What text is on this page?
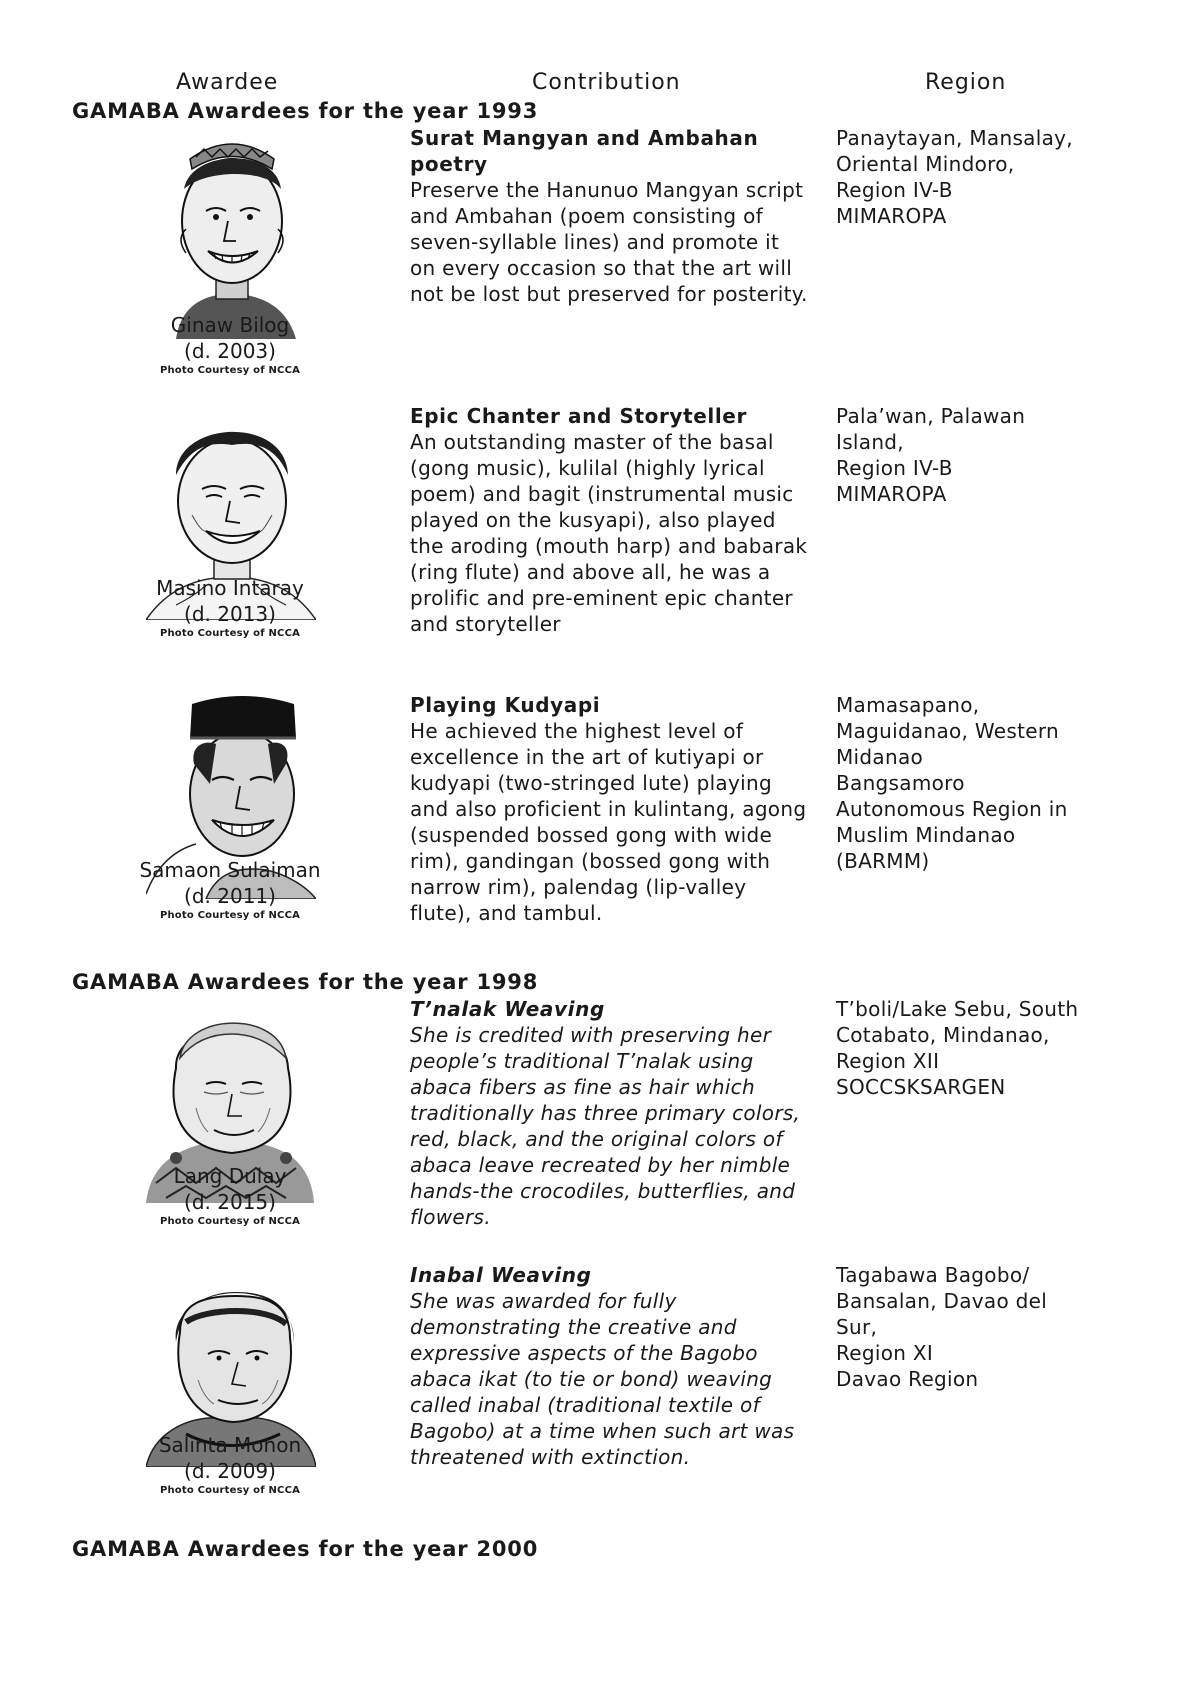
Awardee	Contribution	Region
GAMABA Awardees for the year 1993
Ginaw Bilog
(d. 2003)
Photo Courtesy of NCCA
Surat Mangyan and Ambahan poetry
Preserve the Hanunuo Mangyan script and Ambahan (poem consisting of seven-syllable lines) and promote it on every occasion so that the art will not be lost but preserved for posterity.
Panaytayan, Mansalay,
Oriental Mindoro,
Region IV-B
MIMAROPA
Masino Intaray
(d. 2013)
Photo Courtesy of NCCA
Epic Chanter and Storyteller
An outstanding master of the basal (gong music), kulilal (highly lyrical poem) and bagit (instrumental music played on the kusyapi), also played the aroding (mouth harp) and babarak (ring flute) and above all, he was a prolific and pre-eminent epic chanter and storyteller
Pala’wan, Palawan
Island,
Region IV-B
MIMAROPA
Samaon Sulaiman
(d. 2011)
Photo Courtesy of NCCA
Playing Kudyapi
He achieved the highest level of excellence in the art of kutiyapi or kudyapi (two-stringed lute) playing and also proficient in kulintang, agong (suspended bossed gong with wide rim), gandingan (bossed gong with narrow rim), palendag (lip-valley flute), and tambul.
Mamasapano,
Maguidanao, Western
Midanao
Bangsamoro
Autonomous Region in
Muslim Mindanao
(BARMM)
GAMABA Awardees for the year 1998
Lang Dulay
(d. 2015)
Photo Courtesy of NCCA
T’nalak Weaving
She is credited with preserving her people’s traditional T’nalak using abaca fibers as fine as hair which traditionally has three primary colors, red, black, and the original colors of abaca leave recreated by her nimble hands-the crocodiles, butterflies, and flowers.
T’boli/Lake Sebu, South
Cotabato, Mindanao,
Region XII
SOCCSKSARGEN
Salinta Monon
(d. 2009)
Photo Courtesy of NCCA
Inabal Weaving
She was awarded for fully demonstrating the creative and expressive aspects of the Bagobo abaca ikat (to tie or bond) weaving called inabal (traditional textile of Bagobo) at a time when such art was threatened with extinction.
Tagabawa Bagobo/
Bansalan, Davao del
Sur,
Region XI
Davao Region
GAMABA Awardees for the year 2000
